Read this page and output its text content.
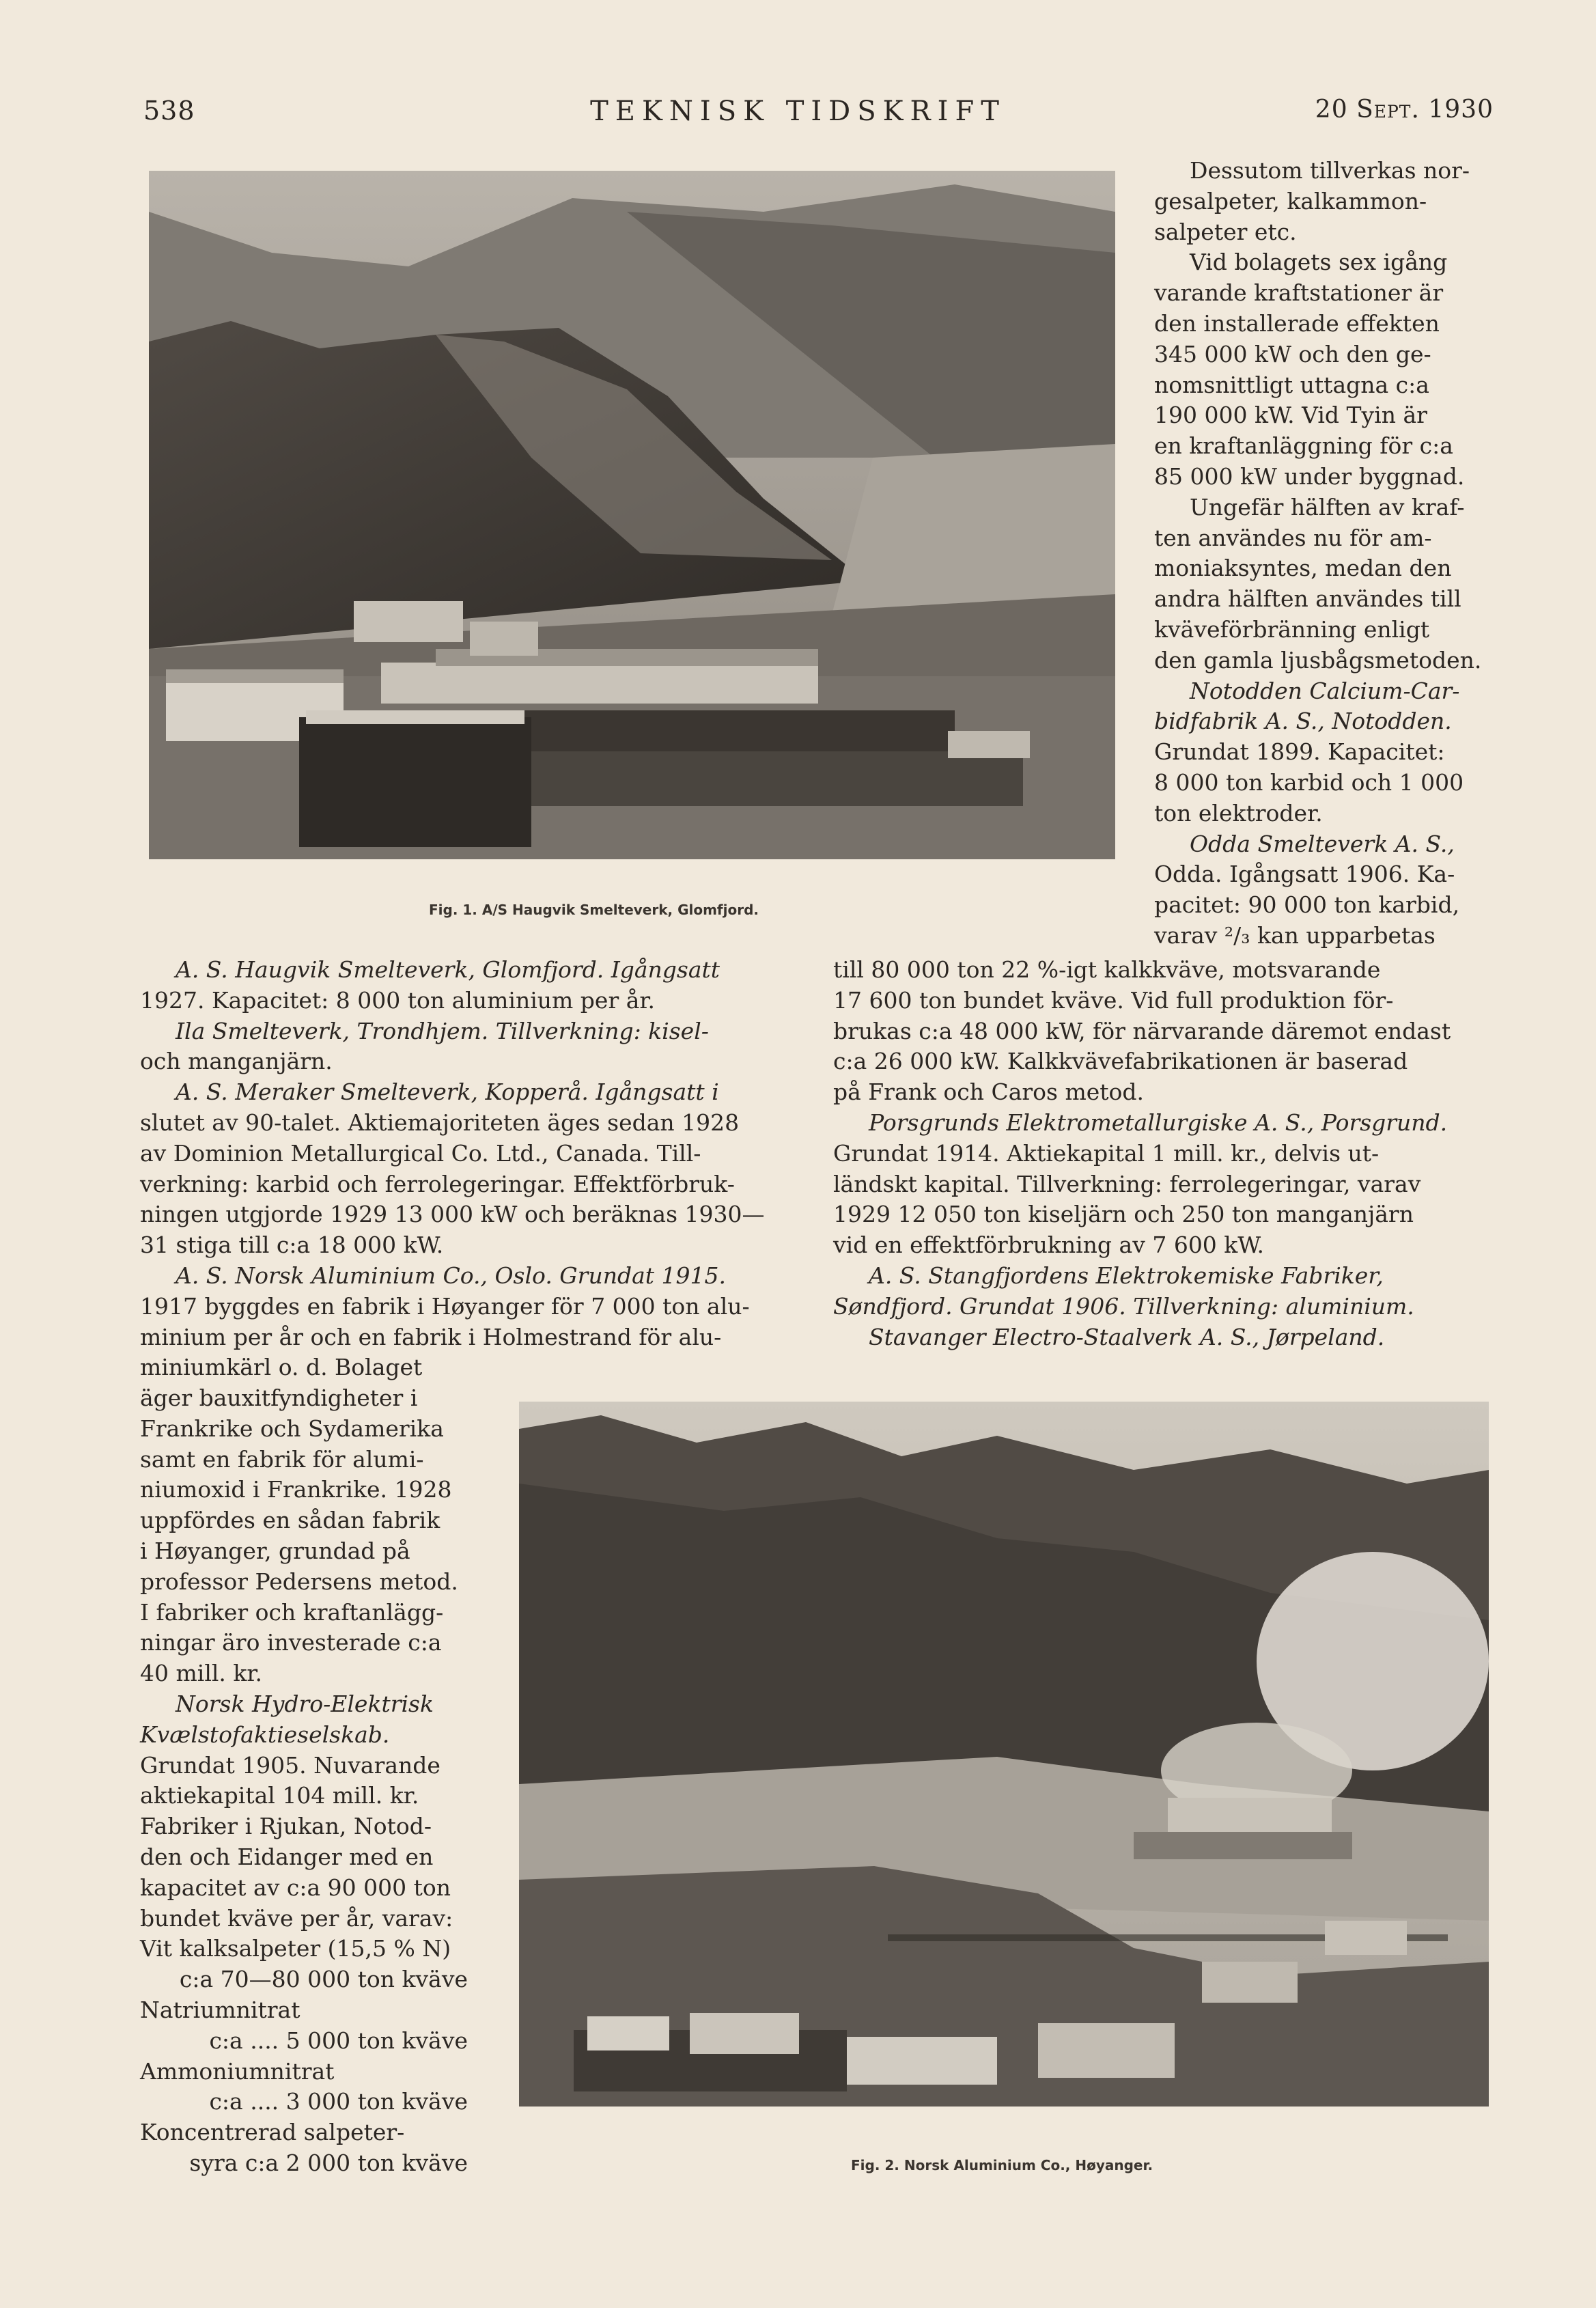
538	TEKNISK TIDSKRIFT	20 Sept. 1930
Fig. 1. A/S Haugvik Smelteverk, Glomfjord.

Dessutom tillverkas nor-

gesalpeter, kalkammon-

salpeter etc.

Vid bolagets sex igång

varande kraftstationer är

den installerade effekten

345 000 kW och den ge-

nomsnittligt uttagna c:a

190 000 kW. Vid Tyin är

en kraftanläggning för c:a

85 000 kW under byggnad.

Ungefär hälften av kraf-

ten användes nu för am-

moniaksyntes, medan den

andra hälften användes till

kväveförbränning enligt

den gamla ljusbågsmetoden.

Notodden Calcium-Car-

bidfabrik A. S., Notodden.

Grundat 1899. Kapacitet:

8 000 ton karbid och 1 000

ton elektroder.

Odda Smelteverk A. S.,

Odda. Igångsatt 1906. Ka-

pacitet: 90 000 ton karbid,

varav ²/₃ kan upparbetas

till 80 000 ton 22 %-igt kalkkväve, motsvarande

17 600 ton bundet kväve. Vid full produktion för-

brukas c:a 48 000 kW, för närvarande däremot endast

c:a 26 000 kW. Kalkkvävefabrikationen är baserad

på Frank och Caros metod.

Porsgrunds Elektrometallurgiske A. S., Porsgrund.

Grundat 1914. Aktiekapital 1 mill. kr., delvis ut-

ländskt kapital. Tillverkning: ferrolegeringar, varav

1929 12 050 ton kiseljärn och 250 ton manganjärn

vid en effektförbrukning av 7 600 kW.

A. S. Stangfjordens Elektrokemiske Fabriker,

Søndfjord. Grundat 1906. Tillverkning: aluminium.

Stavanger Electro-Staalverk A. S., Jørpeland.

A. S. Haugvik Smelteverk, Glomfjord. Igångsatt

1927. Kapacitet: 8 000 ton aluminium per år.

Ila Smelteverk, Trondhjem. Tillverkning: kisel-

och manganjärn.

A. S. Meraker Smelteverk, Kopperå. Igångsatt i

slutet av 90-talet. Aktiemajoriteten äges sedan 1928

av Dominion Metallurgical Co. Ltd., Canada. Till-

verkning: karbid och ferrolegeringar. Effektförbruk-

ningen utgjorde 1929 13 000 kW och beräknas 1930—

31 stiga till c:a 18 000 kW.

A. S. Norsk Aluminium Co., Oslo. Grundat 1915.

1917 byggdes en fabrik i Høyanger för 7 000 ton alu-

minium per år och en fabrik i Holmestrand för alu-

miniumkärl o. d. Bolaget

äger bauxitfyndigheter i

Frankrike och Sydamerika

samt en fabrik för alumi-

niumoxid i Frankrike. 1928

uppfördes en sådan fabrik

i Høyanger, grundad på

professor Pedersens metod.

I fabriker och kraftanlägg-

ningar äro investerade c:a

40 mill. kr.

Norsk Hydro-Elektrisk

Kvælstofaktieselskab.

Grundat 1905. Nuvarande

aktiekapital 104 mill. kr.

Fabriker i Rjukan, Notod-

den och Eidanger med en

kapacitet av c:a 90 000 ton

bundet kväve per år, varav:

Vit kalksalpeter (15,5 % N)

c:a 70—80 000 ton kväve

Natriumnitrat

c:a .... 5 000 ton kväve

Ammoniumnitrat

c:a .... 3 000 ton kväve

Koncentrerad salpeter-

syra c:a 2 000 ton kväve	Fig. 2. Norsk Aluminium Co., Høyanger.
